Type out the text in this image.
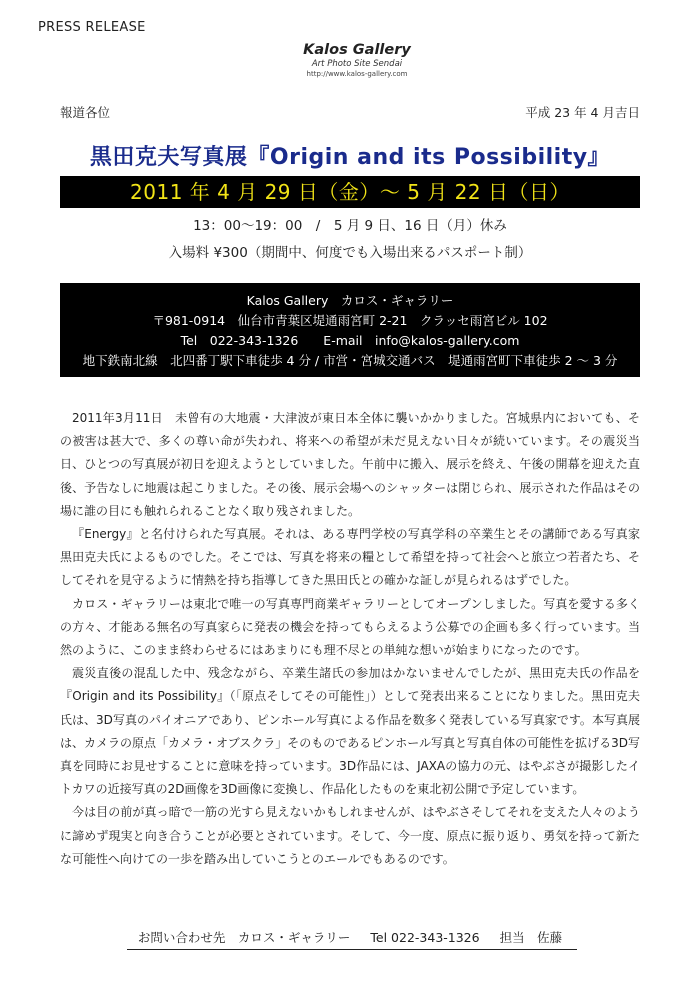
PRESS RELEASE
Kalos Gallery
Art Photo Site Sendai
http://www.kalos-gallery.com
報道各位	平成 23 年 4 月吉日
黒田克夫写真展『Origin and its Possibility』
2011 年 4 月 29 日（金）〜 5 月 22 日（日）
13：00〜19：00　/　5 月 9 日、16 日（月）休み
入場料 ¥300（期間中、何度でも入場出来るパスポート制）
Kalos Gallery　カロス・ギャラリー
〒981-0914　仙台市青葉区堤通雨宮町 2-21　クラッセ雨宮ビル 102
Tel　022-343-1326　　E-mail　info@kalos-gallery.com
地下鉄南北線　北四番丁駅下車徒歩 4 分 / 市営・宮城交通バス　堤通雨宮町下車徒歩 2 〜 3 分

2011年3月11日　未曾有の大地震・大津波が東日本全体に襲いかかりました。宮城県内においても、その被害は甚大で、多くの尊い命が失われ、将来への希望が未だ見えない日々が続いています。その震災当日、ひとつの写真展が初日を迎えようとしていました。午前中に搬入、展示を終え、午後の開幕を迎えた直後、予告なしに地震は起こりました。その後、展示会場へのシャッターは閉じられ、展示された作品はその場に誰の目にも触れられることなく取り残されました。

『Energy』と名付けられた写真展。それは、ある専門学校の写真学科の卒業生とその講師である写真家黒田克夫氏によるものでした。そこでは、写真を将来の糧として希望を持って社会へと旅立つ若者たち、そしてそれを見守るように情熱を持ち指導してきた黒田氏との確かな証しが見られるはずでした。

カロス・ギャラリーは東北で唯一の写真専門商業ギャラリーとしてオープンしました。写真を愛する多くの方々、才能ある無名の写真家らに発表の機会を持ってもらえるよう公募での企画も多く行っています。当然のように、このまま終わらせるにはあまりにも理不尽との単純な想いが始まりになったのです。

震災直後の混乱した中、残念ながら、卒業生諸氏の参加はかないませんでしたが、黒田克夫氏の作品を『Origin and its Possibility』（「原点そしてその可能性」）として発表出来ることになりました。黒田克夫氏は、3D写真のパイオニアであり、ピンホール写真による作品を数多く発表している写真家です。本写真展は、カメラの原点「カメラ・オブスクラ」そのものであるピンホール写真と写真自体の可能性を拡げる3D写真を同時にお見せすることに意味を持っています。3D作品には、JAXAの協力の元、はやぶさが撮影したイトカワの近接写真の2D画像を3D画像に変換し、作品化したものを東北初公開で予定しています。

今は目の前が真っ暗で一筋の光すら見えないかもしれませんが、はやぶさそしてそれを支えた人々のように諦めず現実と向き合うことが必要とされています。そして、今一度、原点に振り返り、勇気を持って新たな可能性へ向けての一歩を踏み出していこうとのエールでもあるのです。

お問い合わせ先　カロス・ギャラリー Tel 022-343-1326 担当　佐藤
